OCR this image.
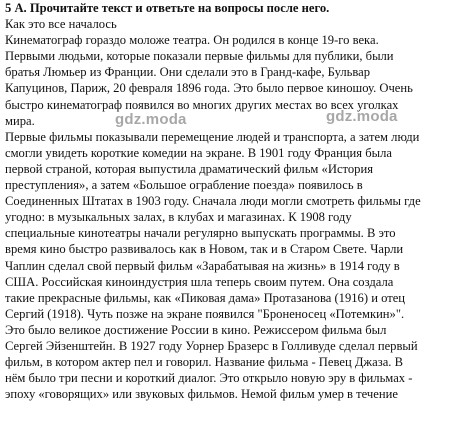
5 А. Прочитайте текст и ответьте на вопросы после него.
Как это все началось
Кинематограф гораздо моложе театра. Он родился в конце 19-го века.
Первыми людьми, которые показали первые фильмы для публики, были
братья Люмьер из Франции. Они сделали это в Гранд-кафе, Бульвар
Капуцинов, Париж, 20 февраля 1896 года. Это было первое киношоу. Очень
быстро кинематограф появился во многих других местах во всех уголках
мира.
Первые фильмы показывали перемещение людей и транспорта, а затем люди
смогли увидеть короткие комедии на экране. В 1901 году Франция была
первой страной, которая выпустила драматический фильм «История
преступления», а затем «Большое ограбление поезда» появилось в
Соединенных Штатах в 1903 году. Сначала люди могли смотреть фильмы где
угодно: в музыкальных залах, в клубах и магазинах. К 1908 году
специальные кинотеатры начали регулярно выпускать программы. В это
время кино быстро развивалось как в Новом, так и в Старом Свете. Чарли
Чаплин сделал свой первый фильм «Зарабатывая на жизнь» в 1914 году в
США. Российская киноиндустрия шла теперь своим путем. Она создала
такие прекрасные фильмы, как «Пиковая дама» Протазанова (1916) и отец
Сергий (1918). Чуть позже на экране появился "Броненосец «Потемкин»".
Это было великое достижение России в кино. Режиссером фильма был
Сергей Эйзенштейн. В 1927 году Уорнер Бразерс в Голливуде сделал первый
фильм, в котором актер пел и говорил. Название фильма - Певец Джаза. В
нём было три песни и короткий диалог. Это открыло новую эру в фильмах -
эпоху «говорящих» или звуковых фильмов. Немой фильм умер в течение
gdz.moda	gdz.moda
